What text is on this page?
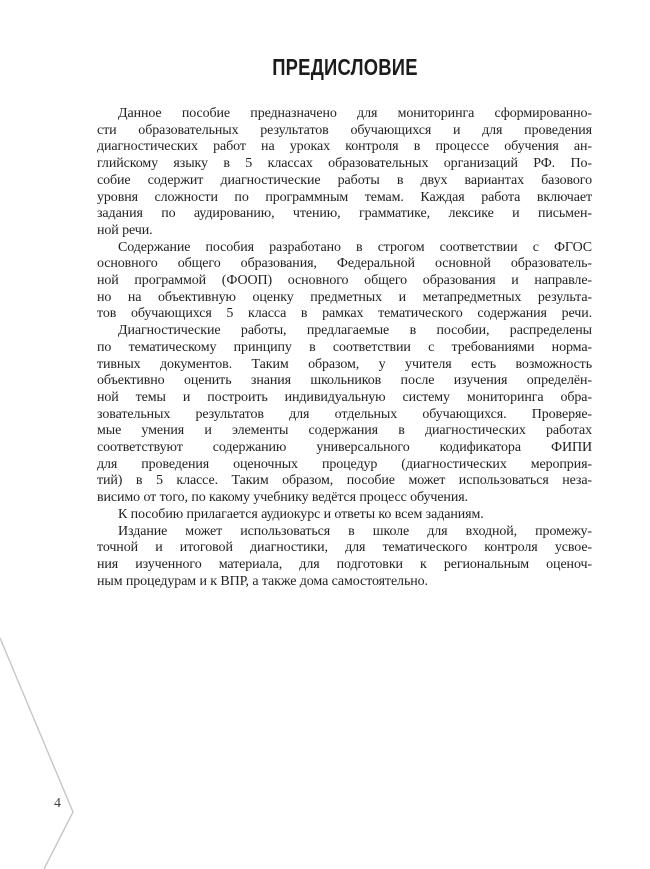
ПРЕДИСЛОВИЕ

Данное пособие предназначено для мониторинга сформированно-
сти образовательных результатов обучающихся и для проведения
диагностических работ на уроках контроля в процессе обучения ан-
глийскому языку в 5 классах образовательных организаций РФ. По-
собие содержит диагностические работы в двух вариантах базового
уровня сложности по программным темам. Каждая работа включает
задания по аудированию, чтению, грамматике, лексике и письмен-
ной речи.

Содержание пособия разработано в строгом соответствии с ФГОС
основного общего образования, Федеральной основной образователь-
ной программой (ФООП) основного общего образования и направле-
но на объективную оценку предметных и метапредметных результа-
тов обучающихся 5 класса в рамках тематического содержания речи.

Диагностические работы, предлагаемые в пособии, распределены
по тематическому принципу в соответствии с требованиями норма-
тивных документов. Таким образом, у учителя есть возможность
объективно оценить знания школьников после изучения определён-
ной темы и построить индивидуальную систему мониторинга обра-
зовательных результатов для отдельных обучающихся. Проверяе-
мые умения и элементы содержания в диагностических работах
соответствуют содержанию универсального кодификатора ФИПИ
для проведения оценочных процедур (диагностических мероприя-
тий) в 5 классе. Таким образом, пособие может использоваться неза-
висимо от того, по какому учебнику ведётся процесс обучения.

К пособию прилагается аудиокурс и ответы ко всем заданиям.

Издание может использоваться в школе для входной, промежу-
точной и итоговой диагностики, для тематического контроля усвое-
ния изученного материала, для подготовки к региональным оценоч-
ным процедурам и к ВПР, а также дома самостоятельно.

4
